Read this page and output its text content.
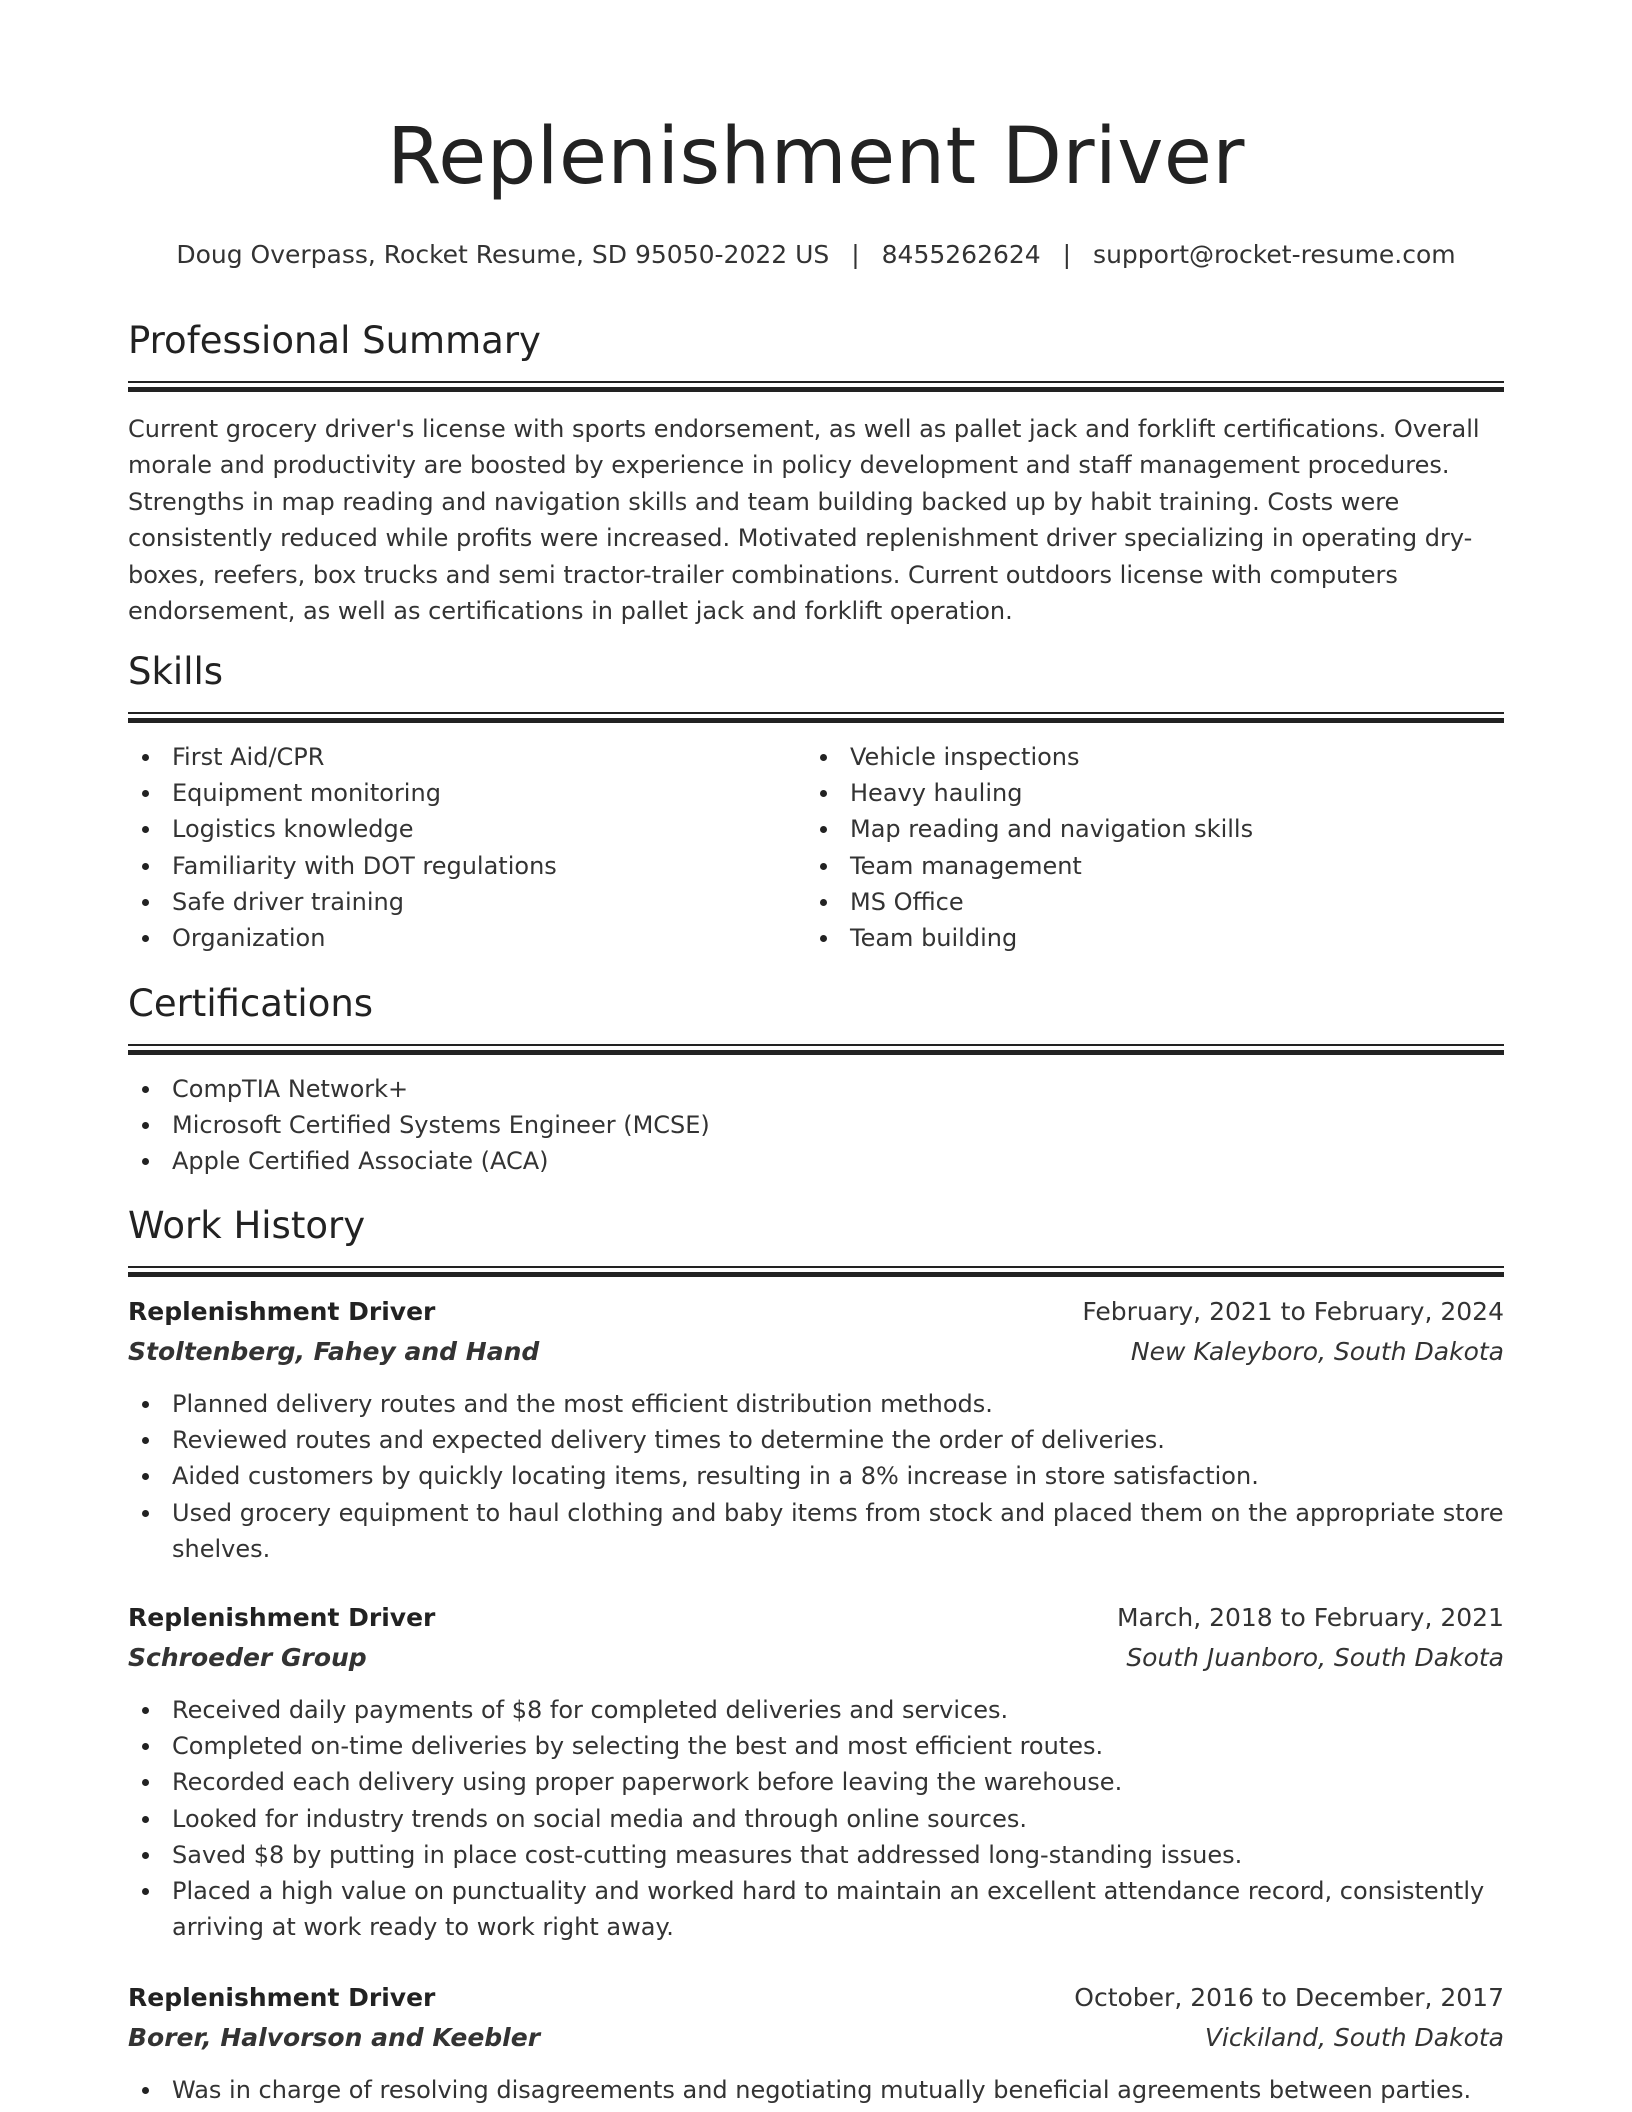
Replenishment Driver
Doug Overpass, Rocket Resume, SD 95050-2022 US | 8455262624 | support@rocket-resume.com
Professional Summary
Current grocery driver's license with sports endorsement, as well as pallet jack and forklift certifications. Overall morale and productivity are boosted by experience in policy development and staff management procedures. Strengths in map reading and navigation skills and team building backed up by habit training. Costs were consistently reduced while profits were increased. Motivated replenishment driver specializing in operating dry-boxes, reefers, box trucks and semi tractor-trailer combinations. Current outdoors license with computers endorsement, as well as certifications in pallet jack and forklift operation.
Skills
First Aid/CPR
Equipment monitoring
Logistics knowledge
Familiarity with DOT regulations
Safe driver training
Organization
Vehicle inspections
Heavy hauling
Map reading and navigation skills
Team management
MS Office
Team building
Certifications
CompTIA Network+
Microsoft Certified Systems Engineer (MCSE)
Apple Certified Associate (ACA)
Work History
Replenishment Driver	February, 2021 to February, 2024
Stoltenberg, Fahey and Hand	New Kaleyboro, South Dakota
Planned delivery routes and the most efficient distribution methods.
Reviewed routes and expected delivery times to determine the order of deliveries.
Aided customers by quickly locating items, resulting in a 8% increase in store satisfaction.
Used grocery equipment to haul clothing and baby items from stock and placed them on the appropriate store shelves.
Replenishment Driver	March, 2018 to February, 2021
Schroeder Group	South Juanboro, South Dakota
Received daily payments of $8 for completed deliveries and services.
Completed on-time deliveries by selecting the best and most efficient routes.
Recorded each delivery using proper paperwork before leaving the warehouse.
Looked for industry trends on social media and through online sources.
Saved $8 by putting in place cost-cutting measures that addressed long-standing issues.
Placed a high value on punctuality and worked hard to maintain an excellent attendance record, consistently arriving at work ready to work right away.
Replenishment Driver	October, 2016 to December, 2017
Borer, Halvorson and Keebler	Vickiland, South Dakota
Was in charge of resolving disagreements and negotiating mutually beneficial agreements between parties.
